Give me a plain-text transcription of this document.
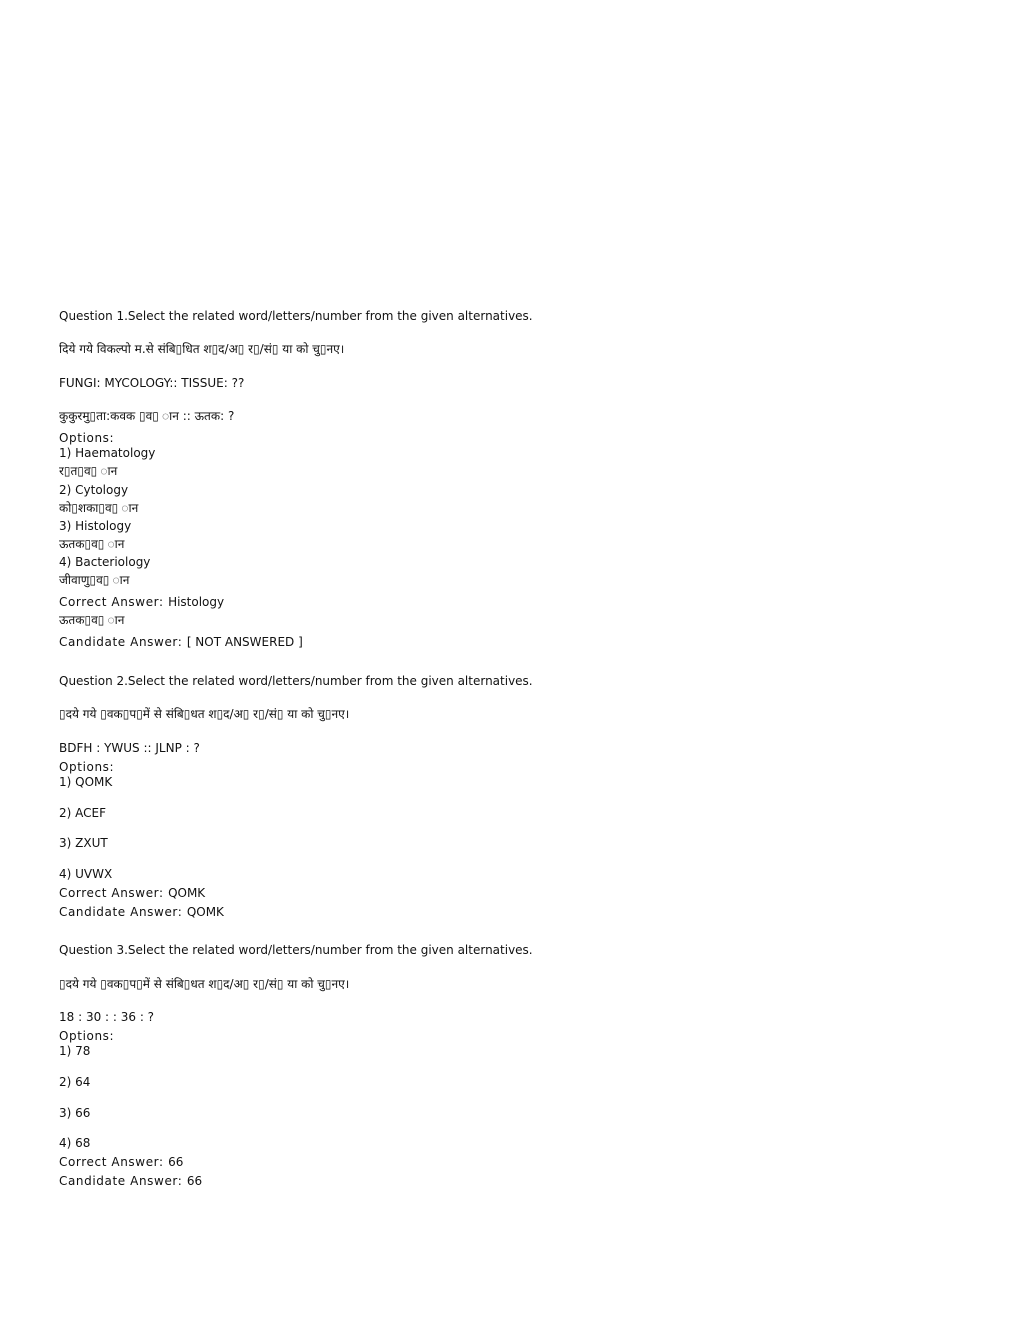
Question 1.Select the related word/letters/number from the given alternatives.
दिये गये विकल्पो म.से संबि▯धित श▯द/अ▯ र▯/सं▯ या को चु▯नए।
FUNGI: MYCOLOGY:: TISSUE: ??
कुकुरमु▯ता:कवक ▯व▯ ान :: ऊतक: ?
Options:
1) Haematology
र▯त▯व▯ ान
2) Cytology
को▯शका▯व▯ ान
3) Histology
ऊतक▯व▯ ान
4) Bacteriology
जीवाणु▯व▯ ान
Correct Answer: Histology
ऊतक▯व▯ ान
Candidate Answer: [ NOT ANSWERED ]
Question 2.Select the related word/letters/number from the given alternatives.
▯दये गये ▯वक▯प▯में से संबि▯धत श▯द/अ▯ र▯/सं▯ या को चु▯नए।
BDFH : YWUS :: JLNP : ?
Options:
1) QOMK
2) ACEF
3) ZXUT
4) UVWX
Correct Answer: QOMK
Candidate Answer: QOMK
Question 3.Select the related word/letters/number from the given alternatives.
▯दये गये ▯वक▯प▯में से संबि▯धत श▯द/अ▯ र▯/सं▯ या को चु▯नए।
18 : 30 : : 36 : ?
Options:
1) 78
2) 64
3) 66
4) 68
Correct Answer: 66
Candidate Answer: 66
